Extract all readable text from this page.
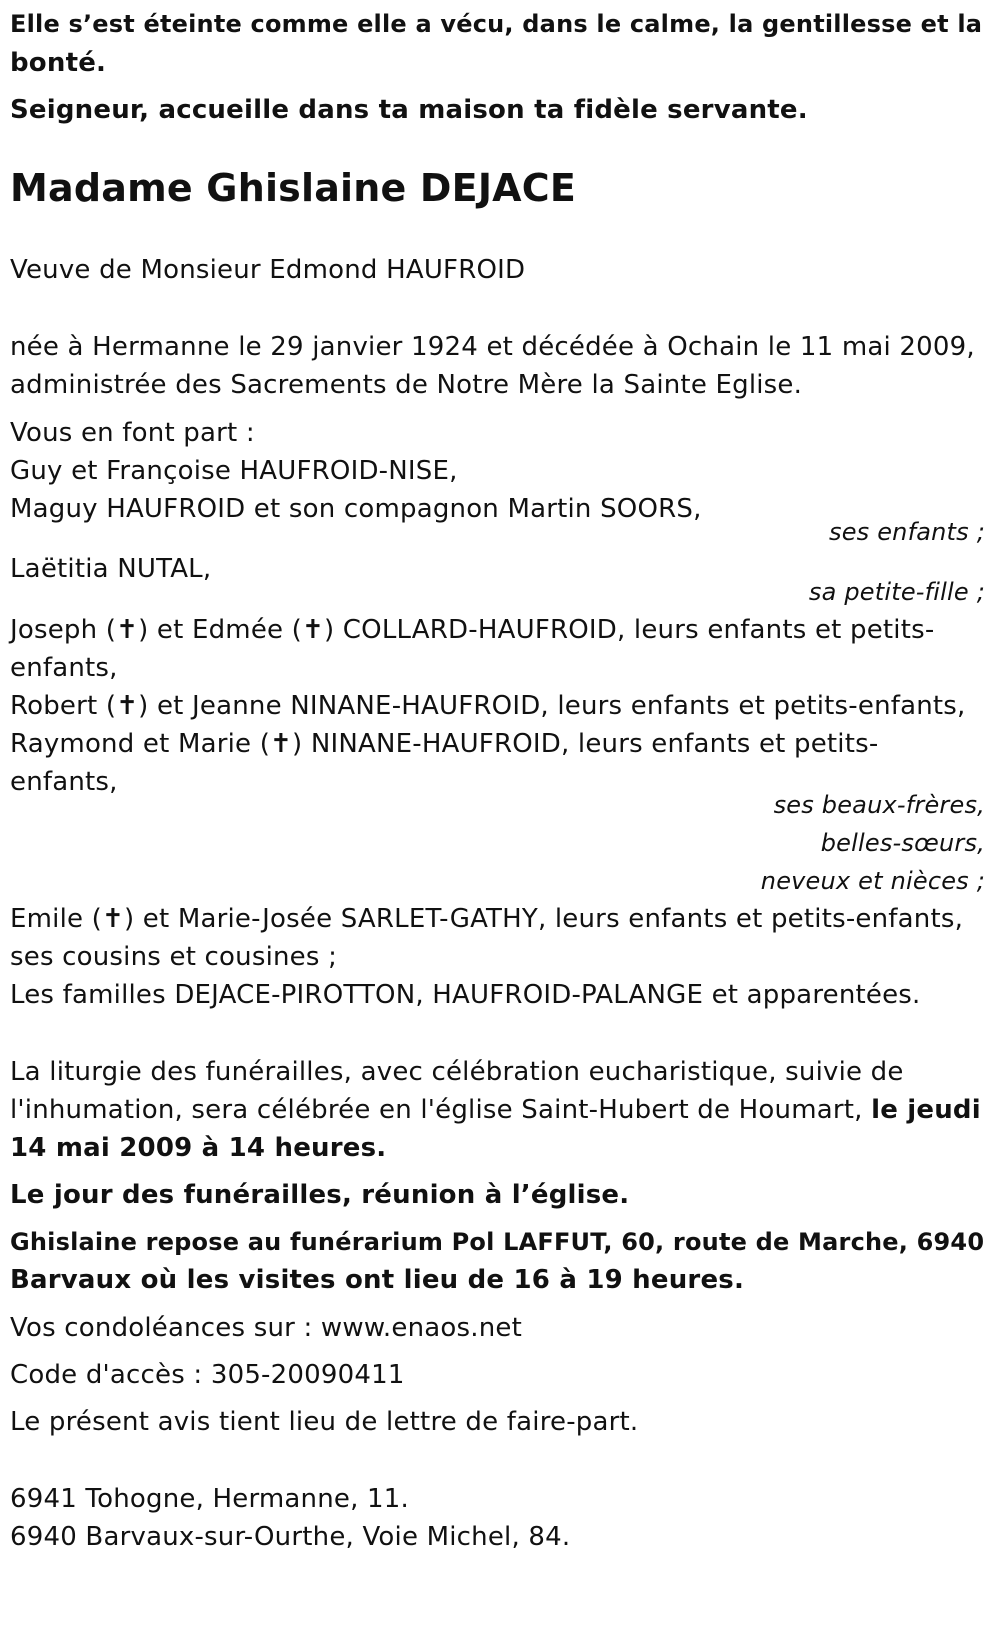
Elle s’est éteinte comme elle a vécu, dans le calme, la gentillesse et la
bonté.
Seigneur, accueille dans ta maison ta fidèle servante.
Madame Ghislaine DEJACE
Veuve de Monsieur Edmond HAUFROID
née à Hermanne le 29 janvier 1924 et décédée à Ochain le 11 mai 2009,
administrée des Sacrements de Notre Mère la Sainte Eglise.
Vous en font part :
Guy et Françoise HAUFROID-NISE,
Maguy HAUFROID et son compagnon Martin SOORS,
ses enfants ;
Laëtitia NUTAL,
sa petite-fille ;
Joseph (✝) et Edmée (✝) COLLARD-HAUFROID, leurs enfants et petits-
enfants,
Robert (✝) et Jeanne NINANE-HAUFROID, leurs enfants et petits-enfants,
Raymond et Marie (✝) NINANE-HAUFROID, leurs enfants et petits-
enfants,
ses beaux-frères,
belles-sœurs,
neveux et nièces ;
Emile (✝) et Marie-Josée SARLET-GATHY, leurs enfants et petits-enfants,
ses cousins et cousines ;
Les familles DEJACE-PIROTTON, HAUFROID-PALANGE et apparentées.
La liturgie des funérailles, avec célébration eucharistique, suivie de
l'inhumation, sera célébrée en l'église Saint-Hubert de Houmart, le jeudi
14 mai 2009 à 14 heures.
Le jour des funérailles, réunion à l’église.
Ghislaine repose au funérarium Pol LAFFUT, 60, route de Marche, 6940
Barvaux où les visites ont lieu de 16 à 19 heures.
Vos condoléances sur : www.enaos.net
Code d'accès : 305-20090411
Le présent avis tient lieu de lettre de faire-part.
6941 Tohogne, Hermanne, 11.
6940 Barvaux-sur-Ourthe, Voie Michel, 84.
